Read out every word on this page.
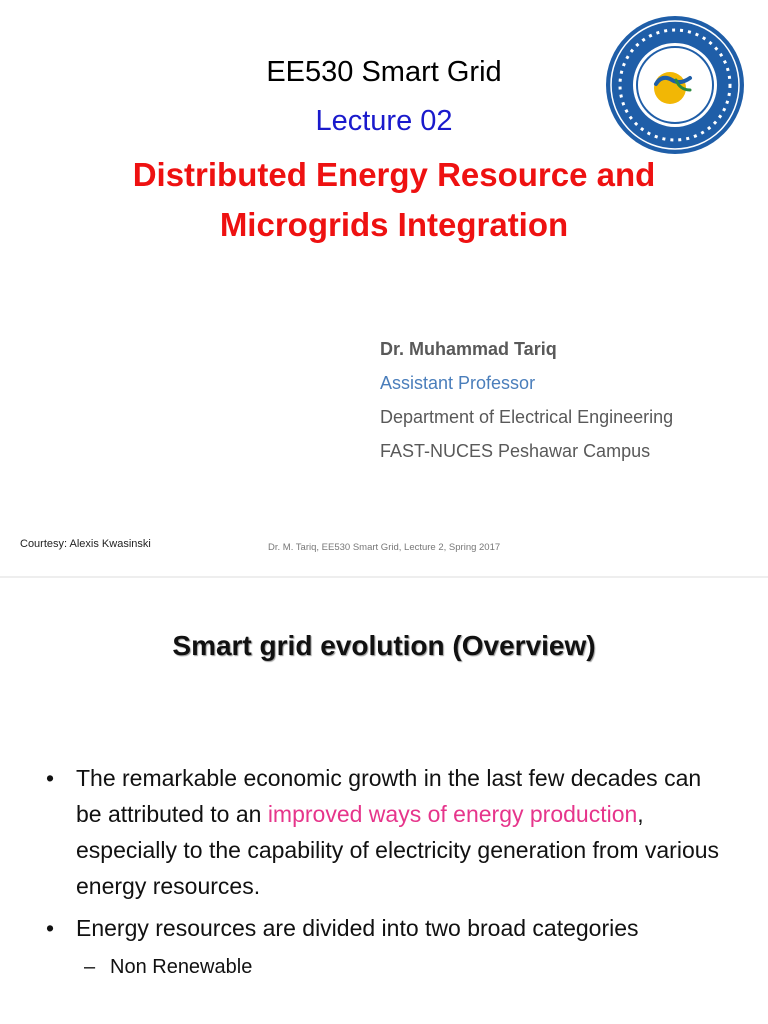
EE530 Smart Grid
Lecture 02
Distributed Energy Resource and
Microgrids Integration
Dr. Muhammad Tariq
Assistant Professor
Department of Electrical Engineering
FAST-NUCES Peshawar Campus
Courtesy: Alexis Kwasinski	Dr. M. Tariq, EE530 Smart Grid, Lecture 2, Spring 2017
Smart grid evolution (Overview)
• The remarkable economic growth in the last few decades can be attributed to an improved ways of energy production, especially to the capability of electricity generation from various energy resources.
• Energy resources are divided into two broad categories
– Non Renewable
